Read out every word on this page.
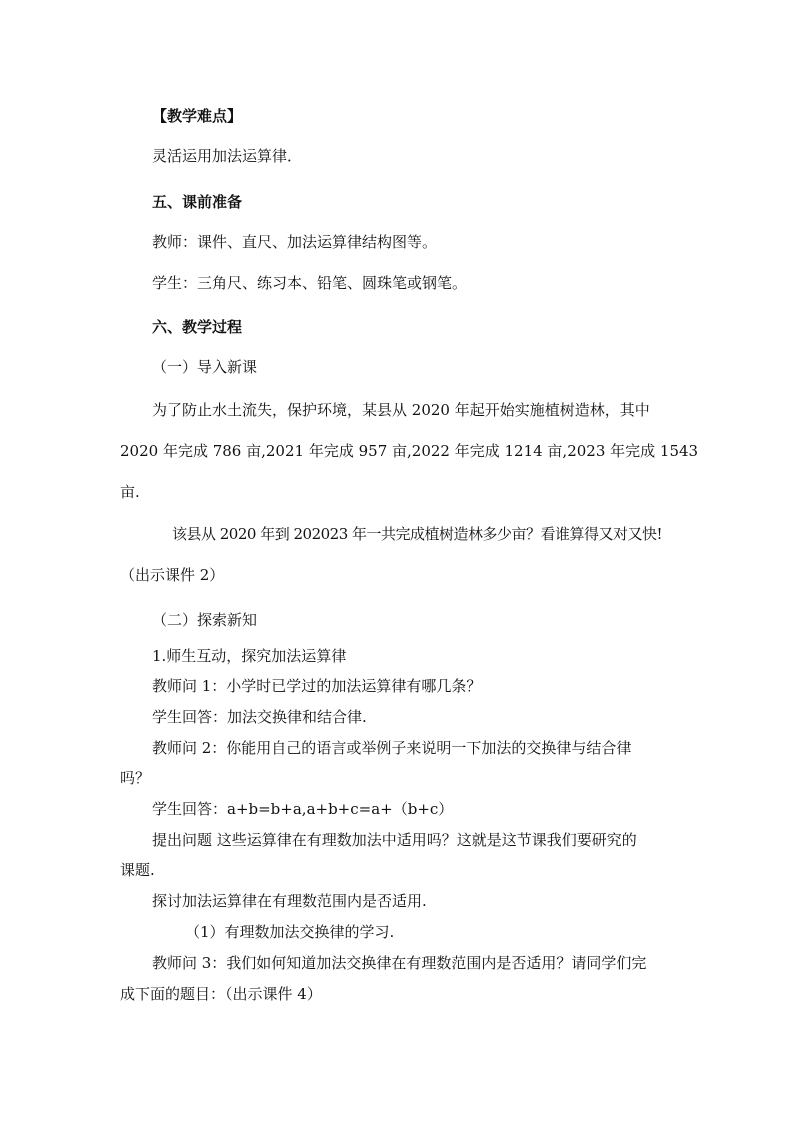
【教学难点】
灵活运用加法运算律．
五、课前准备
教师：课件、直尺、加法运算律结构图等。
学生：三角尺、练习本、铅笔、圆珠笔或钢笔。
六、教学过程
（一）导入新课
为了防止水土流失，保护环境，某县从 2020 年起开始实施植树造林，其中
2020 年完成 786 亩, 2021 年完成 957 亩, 2022 年完成 1214 亩, 2023 年完成 1543
亩.
该县从 2020 年到 202023 年一共完成植树造林多少亩？看谁算得又对又快!
（出示课件 2）
（二）探索新知
1.师生互动，探究加法运算律
教师问 1：小学时已学过的加法运算律有哪几条？
学生回答：加法交换律和结合律.
教师问 2：你能用自己的语言或举例子来说明一下加法的交换律与结合律
吗？
学生回答：a+b=b+a,a+b+c=a+（b+c）
提出问题 这些运算律在有理数加法中适用吗？这就是这节课我们要研究的
课题.
探讨加法运算律在有理数范围内是否适用.
（1）有理数加法交换律的学习.
教师问 3：我们如何知道加法交换律在有理数范围内是否适用？请同学们完
成下面的题目：（出示课件 4）
